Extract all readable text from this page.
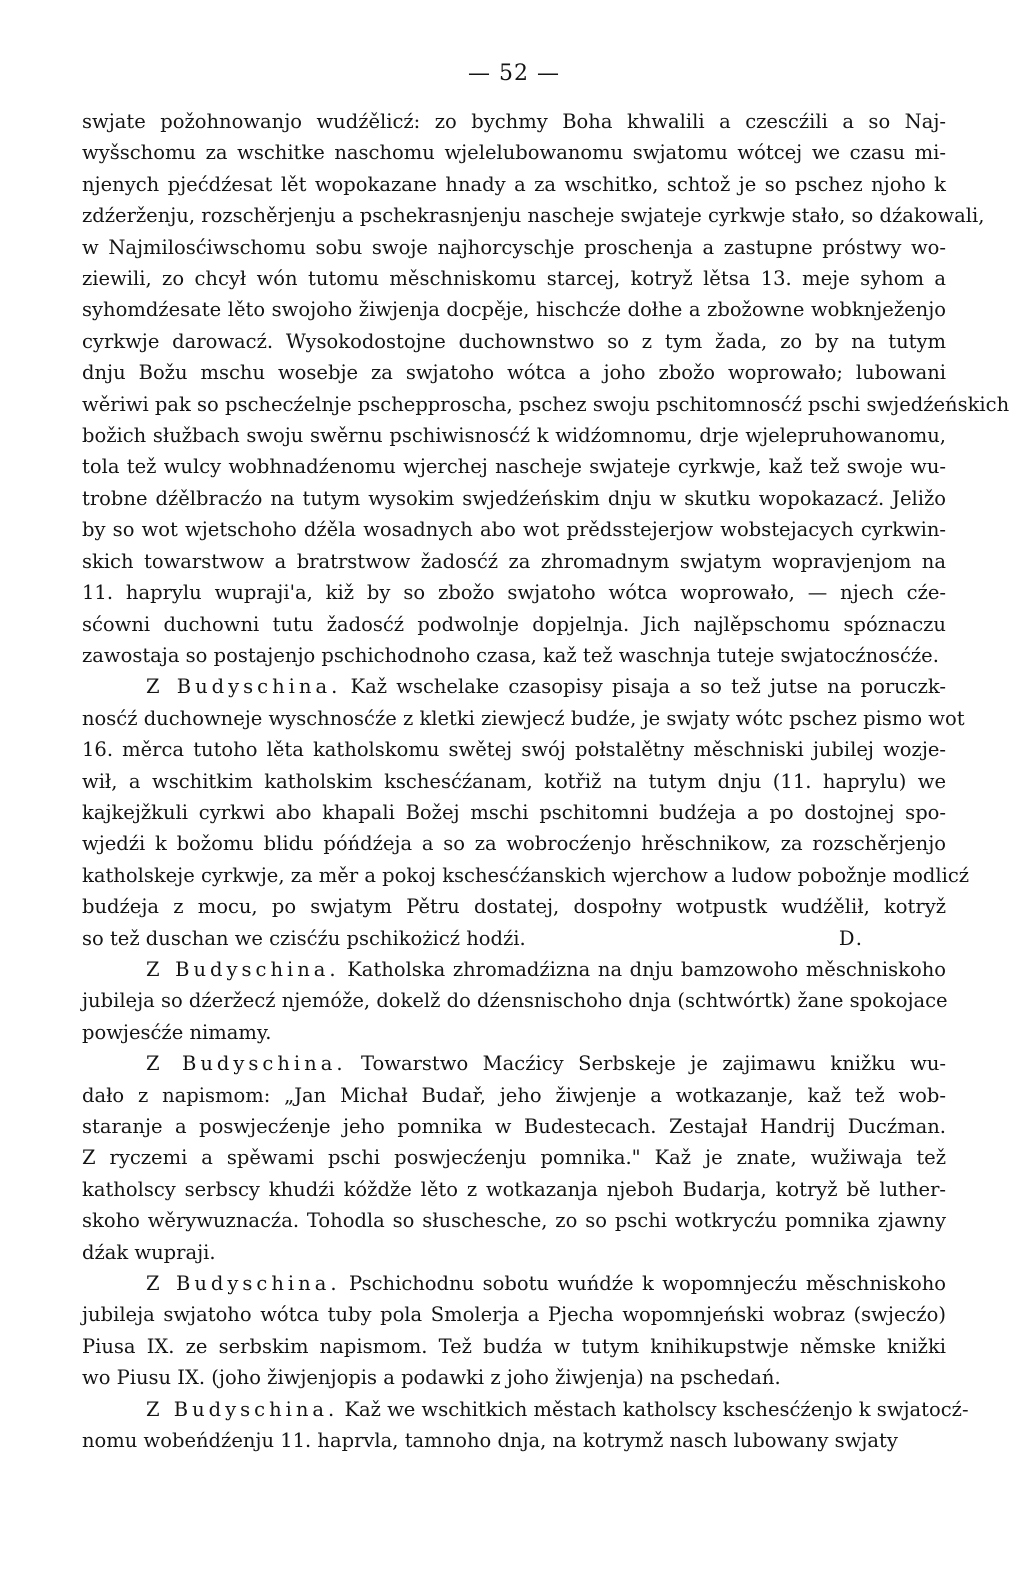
— 52 —
swjate požohnowanjo wudźělicź: zo bychmy Boha khwalili a czescźili a so Naj-
wyšschomu za wschitke naschomu wjelelubowanomu swjatomu wótcej we czasu mi-
njenych pjećdźesat lět wopokazane hnady a za wschitko, schtož je so pschez njoho k
zdźerženju, rozschěrjenju a pschekrasnjenju nascheje swjateje cyrkwje stało, so dźakowali,
w Najmilosćiwschomu sobu swoje najhorcyschje proschenja a zastupne próstwy wo-
ziewili, zo chcył wón tutomu měschniskomu starcej, kotryž lětsa 13. meje syhom a
syhomdźesate lěto swojoho žiwjenja docpěje, hischcźe dołhe a zbožowne wobknježenjo
cyrkwje darowacź. Wysokodostojne duchownstwo so z tym žada, zo by na tutym
dnju Božu mschu wosebje za swjatoho wótca a joho zbožo woprowało; lubowani
wěriwi pak so pschecźelnje pschepproscha, pschez swoju pschitomnosćź pschi swjedźeńskich
božich słužbach swoju swěrnu pschiwisnosćź k widźomnomu, drje wjelepruhowanomu,
tola tež wulcy wobhnadźenomu wjerchej nascheje swjateje cyrkwje, kaž tež swoje wu-
trobne dźělbracźo na tutym wysokim swjedźeńskim dnju w skutku wopokazacź. Jeližo
by so wot wjetschoho dźěla wosadnych abo wot prědsstejerjow wobstejacych cyrkwin-
skich towarstwow a bratrstwow žadosćź za zhromadnym swjatym wopravjenjom na
11. haprylu wupraji'a, kiž by so zbožo swjatoho wótca woprowało, — njech cźe-
sćowni duchowni tutu žadosćź podwolnje dopjelnja. Jich najlěpschomu spóznaczu
zawostaja so postajenjo pschichodnoho czasa, kaž tež waschnja tuteje swjatocźnosćźe.
Z Budyschina. Kaž wschelake czasopisy pisaja a so tež jutse na poruczk-
nosćź duchowneje wyschnosćźe z kletki ziewjecź budźe, je swjaty wótc pschez pismo wot
16. měrca tutoho lěta katholskomu swětej swój połstalětny měschniski jubilej wozje-
wił, a wschitkim katholskim kschesćźanam, kotřiž na tutym dnju (11. haprylu) we
kajkejžkuli cyrkwi abo khapali Božej mschi pschitomni budźeja a po dostojnej spo-
wjedźi k božomu blidu póńdźeja a so za wobrocźenjo hrěschnikow, za rozschěrjenjo
katholskeje cyrkwje, za měr a pokoj kschesćźanskich wjerchow a ludow pobožnje modlicź
budźeja z mocu, po swjatym Pětru dostatej, dospołny wotpustk wudźělił, kotryž
so tež duschan we czisćźu pschikożicź hodźi.	D.
Z Budyschina. Katholska zhromadźizna na dnju bamzowoho měschniskoho
jubileja so dźeržecź njemóže, dokelž do dźensnischoho dnja (schtwórtk) žane spokojace
powjesćźe nimamy.
Z Budyschina. Towarstwo Macźicy Serbskeje je zajimawu knižku wu-
dało z napismom: „Jan Michał Budař, jeho žiwjenje a wotkazanje, kaž tež wob-
staranje a poswjecźenje jeho pomnika w Budestecach. Zestajał Handrij Ducźman.
Z ryczemi a spěwami pschi poswjecźenju pomnika." Kaž je znate, wužiwaja tež
katholscy serbscy khudźi kóždže lěto z wotkazanja njeboh Budarja, kotryž bě luther-
skoho wěrywuznacźa. Tohodla so słuschesche, zo so pschi wotkrycźu pomnika zjawny
dźak wupraji.
Z Budyschina. Pschichodnu sobotu wuńdźe k wopomnjecźu měschniskoho
jubileja swjatoho wótca tuby pola Smolerja a Pjecha wopomnjeński wobraz (swjecźo)
Piusa IX. ze serbskim napismom. Tež budźa w tutym knihikupstwje němske knižki
wo Piusu IX. (joho žiwjenjopis a podawki z joho žiwjenja) na pschedań.
Z Budyschina. Kaž we wschitkich městach katholscy kschesćźenjo k swjatocź-
nomu wobeńdźenju 11. haprvla, tamnoho dnja, na kotrymž nasch lubowany swjaty
